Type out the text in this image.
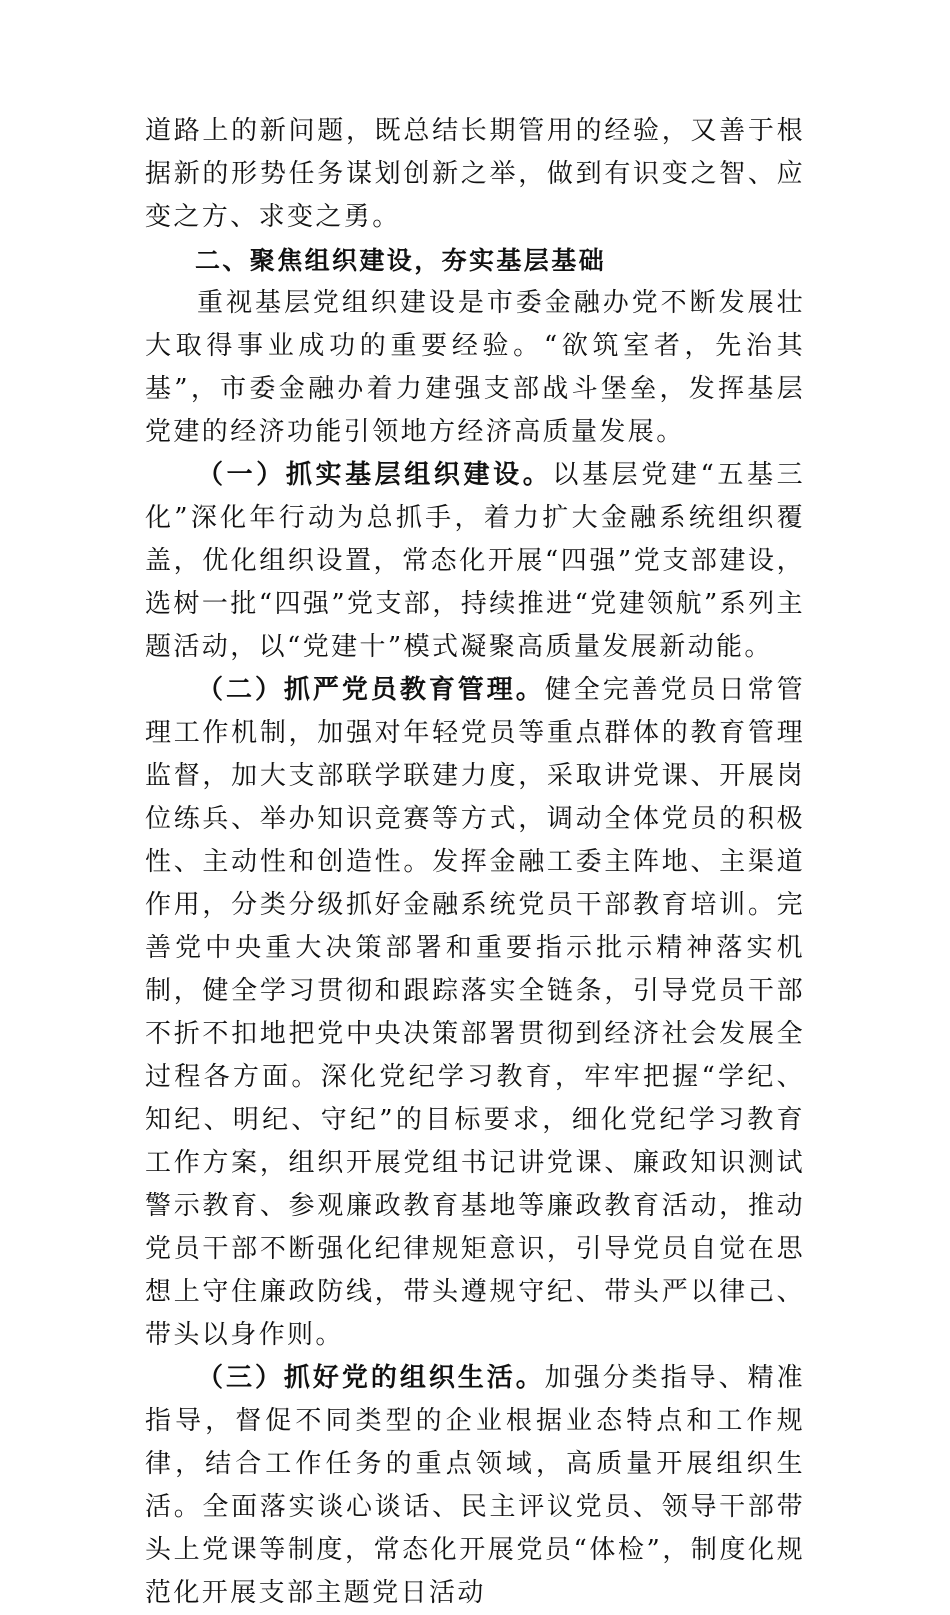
道路上的新问题，既总结长期管用的经验，又善于根据新的形势任务谋划创新之举，做到有识变之智、应变之方、求变之勇。

二、聚焦组织建设，夯实基层基础

重视基层党组织建设是市委金融办党不断发展壮大取得事业成功的重要经验。“欲筑室者，先治其基”，市委金融办着力建强支部战斗堡垒，发挥基层党建的经济功能引领地方经济高质量发展。

（一）抓实基层组织建设。以基层党建“五基三化”深化年行动为总抓手，着力扩大金融系统组织覆盖，优化组织设置，常态化开展“四强”党支部建设，选树一批“四强”党支部，持续推进“党建领航”系列主题活动，以“党建十”模式凝聚高质量发展新动能。

（二）抓严党员教育管理。健全完善党员日常管理工作机制，加强对年轻党员等重点群体的教育管理监督，加大支部联学联建力度，采取讲党课、开展岗位练兵、举办知识竞赛等方式，调动全体党员的积极性、主动性和创造性。发挥金融工委主阵地、主渠道作用，分类分级抓好金融系统党员干部教育培训。完善党中央重大决策部署和重要指示批示精神落实机制，健全学习贯彻和跟踪落实全链条，引导党员干部不折不扣地把党中央决策部署贯彻到经济社会发展全过程各方面。深化党纪学习教育，牢牢把握“学纪、知纪、明纪、守纪”的目标要求，细化党纪学习教育工作方案，组织开展党组书记讲党课、廉政知识测试警示教育、参观廉政教育基地等廉政教育活动，推动党员干部不断强化纪律规矩意识，引导党员自觉在思想上守住廉政防线，带头遵规守纪、带头严以律己、带头以身作则。

（三）抓好党的组织生活。加强分类指导、精准指导，督促不同类型的企业根据业态特点和工作规律，结合工作任务的重点领域，高质量开展组织生活。全面落实谈心谈话、民主评议党员、领导干部带头上党课等制度，常态化开展党员“体检”，制度化规范化开展支部主题党日活动
